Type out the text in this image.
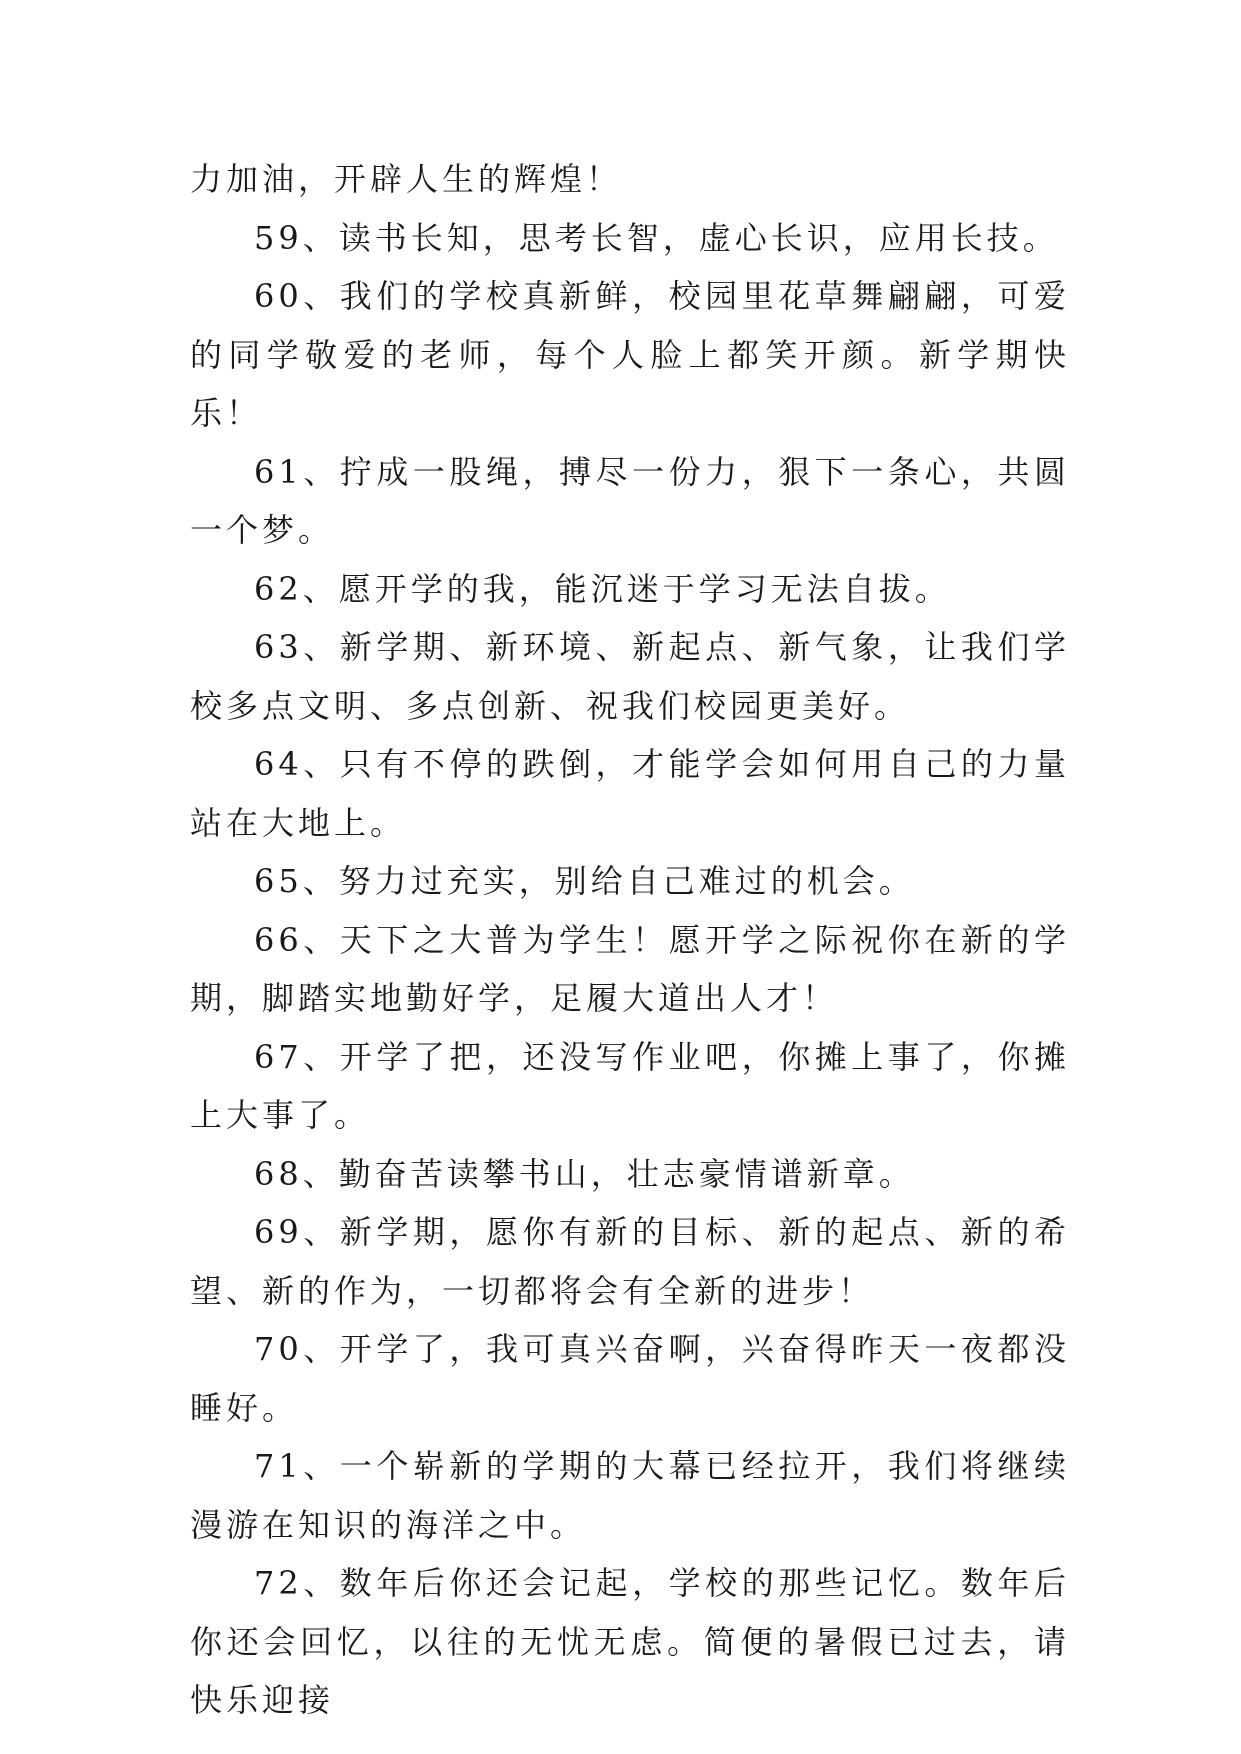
力加油，开辟人生的辉煌！

59、读书长知，思考长智，虚心长识，应用长技。

60、我们的学校真新鲜，校园里花草舞翩翩，可爱的同学敬爱的老师，每个人脸上都笑开颜。新学期快乐！

61、拧成一股绳，搏尽一份力，狠下一条心，共圆一个梦。

62、愿开学的我，能沉迷于学习无法自拔。

63、新学期、新环境、新起点、新气象，让我们学校多点文明、多点创新、祝我们校园更美好。

64、只有不停的跌倒，才能学会如何用自己的力量站在大地上。

65、努力过充实，别给自己难过的机会。

66、天下之大普为学生！愿开学之际祝你在新的学期，脚踏实地勤好学，足履大道出人才！

67、开学了把，还没写作业吧，你摊上事了，你摊上大事了。

68、勤奋苦读攀书山，壮志豪情谱新章。

69、新学期，愿你有新的目标、新的起点、新的希望、新的作为，一切都将会有全新的进步！

70、开学了，我可真兴奋啊，兴奋得昨天一夜都没睡好。

71、一个崭新的学期的大幕已经拉开，我们将继续漫游在知识的海洋之中。

72、数年后你还会记起，学校的那些记忆。数年后你还会回忆，以往的无忧无虑。简便的暑假已过去，请快乐迎接
